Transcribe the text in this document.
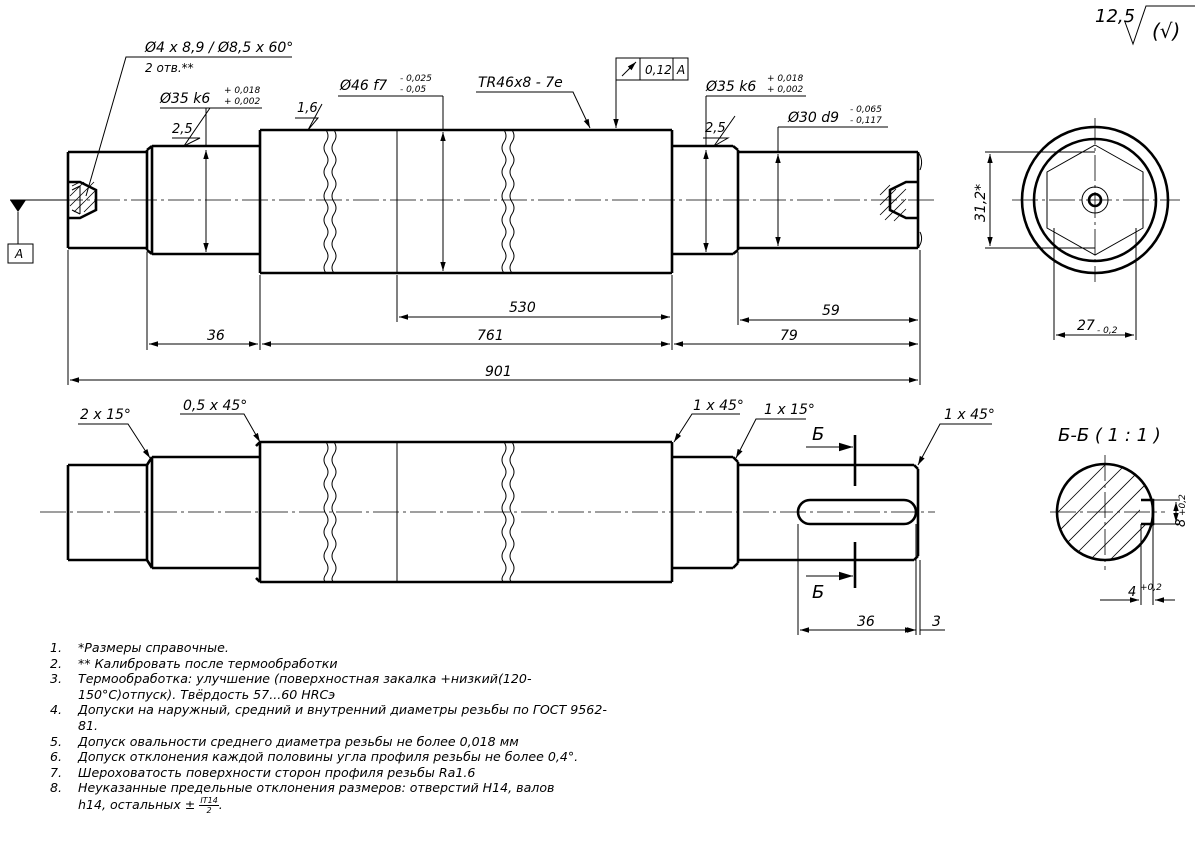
12,5
(√)
A
Ø4 x 8,9 / Ø8,5 x 60°
2 отв.**
Ø35 k6 + 0,018
+ 0,002
2,5
Ø46 f7 - 0,025
- 0,05
1,6
TR46x8 - 7e
0,12 A
Ø35 k6 + 0,018
+ 0,002
2,5
Ø30 d9 - 0,065
- 0,117
530
36	761	79
59
901
31,2*
27 - 0,2
2 x 15°
0,5 x 45°	1 x 45° 1 x 15°	1 x 45°
Б
Б
36	3
Б-Б ( 1 : 1 )
8
+0,2
4 +0,2
1. *Размеры справочные.
2. ** Калибровать после термообработки
3. Термообработка: улучшение (поверхностная закалка +низкий(120-150°С)отпуск). Твёрдость 57...60 HRCэ
4. Допуски на наружный, средний и внутренний диаметры резьбы по ГОСТ 9562-81.
5. Допуск овальности среднего диаметра резьбы не более 0,018 мм
6. Допуск отклонения каждой половины угла профиля резьбы не более 0,4°.
7. Шероховатость поверхности сторон профиля резьбы Ra1.6
8. Неуказанные предельные отклонения размеров: отверстий H14, валов
h14, остальных ± $\frac{IT14}{2}$ .
